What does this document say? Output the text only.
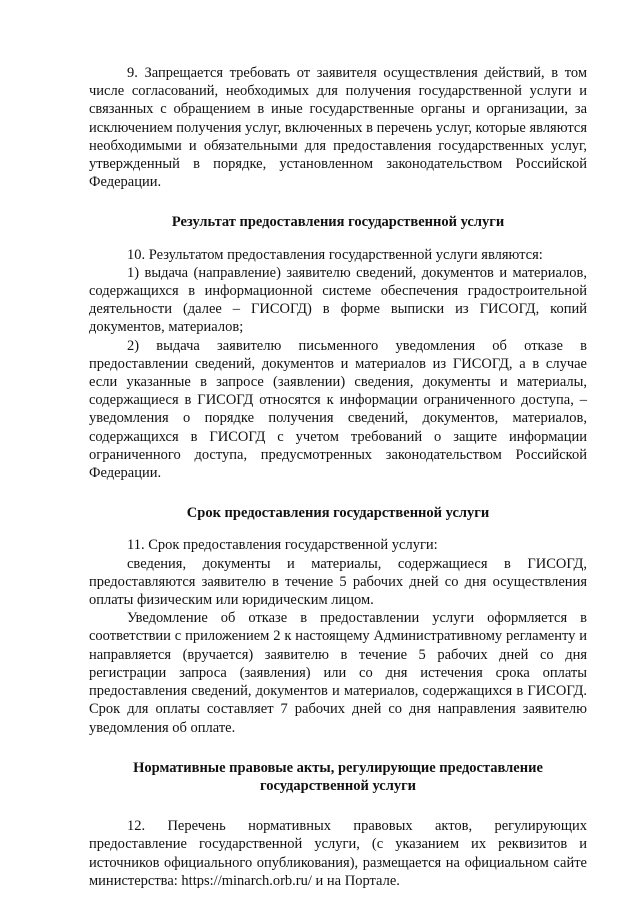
9. Запрещается требовать от заявителя осуществления действий, в том числе согласований, необходимых для получения государственной услуги и связанных с обращением в иные государственные органы и организации, за исключением получения услуг, включенных в перечень услуг, которые являются необходимыми и обязательными для предоставления государственных услуг, утвержденный в порядке, установленном законодательством Российской Федерации.

Результат предоставления государственной услуги

10. Результатом предоставления государственной услуги являются:

1) выдача (направление) заявителю сведений, документов и материалов, содержащихся в информационной системе обеспечения градостроительной деятельности (далее – ГИСОГД) в форме выписки из ГИСОГД, копий документов, материалов;

2) выдача заявителю письменного уведомления об отказе в предоставлении сведений, документов и материалов из ГИСОГД, а в случае если указанные в запросе (заявлении) сведения, документы и материалы, содержащиеся в ГИСОГД относятся к информации ограниченного доступа, – уведомления о порядке получения сведений, документов, материалов, содержащихся в ГИСОГД с учетом требований о защите информации ограниченного доступа, предусмотренных законодательством Российской Федерации.

Срок предоставления государственной услуги

11. Срок предоставления государственной услуги:

сведения, документы и материалы, содержащиеся в ГИСОГД, предоставляются заявителю в течение 5 рабочих дней со дня осуществления оплаты физическим или юридическим лицом.

Уведомление об отказе в предоставлении услуги оформляется в соответствии с приложением 2 к настоящему Административному регламенту и направляется (вручается) заявителю в течение 5 рабочих дней со дня регистрации запроса (заявления) или со дня истечения срока оплаты предоставления сведений, документов и материалов, содержащихся в ГИСОГД. Срок для оплаты составляет 7 рабочих дней со дня направления заявителю уведомления об оплате.

Нормативные правовые акты, регулирующие предоставление
государственной услуги

12. Перечень нормативных правовых актов, регулирующих предоставление государственной услуги, (с указанием их реквизитов и источников официального опубликования), размещается на официальном сайте министерства: https://minarch.orb.ru/ и на Портале.
